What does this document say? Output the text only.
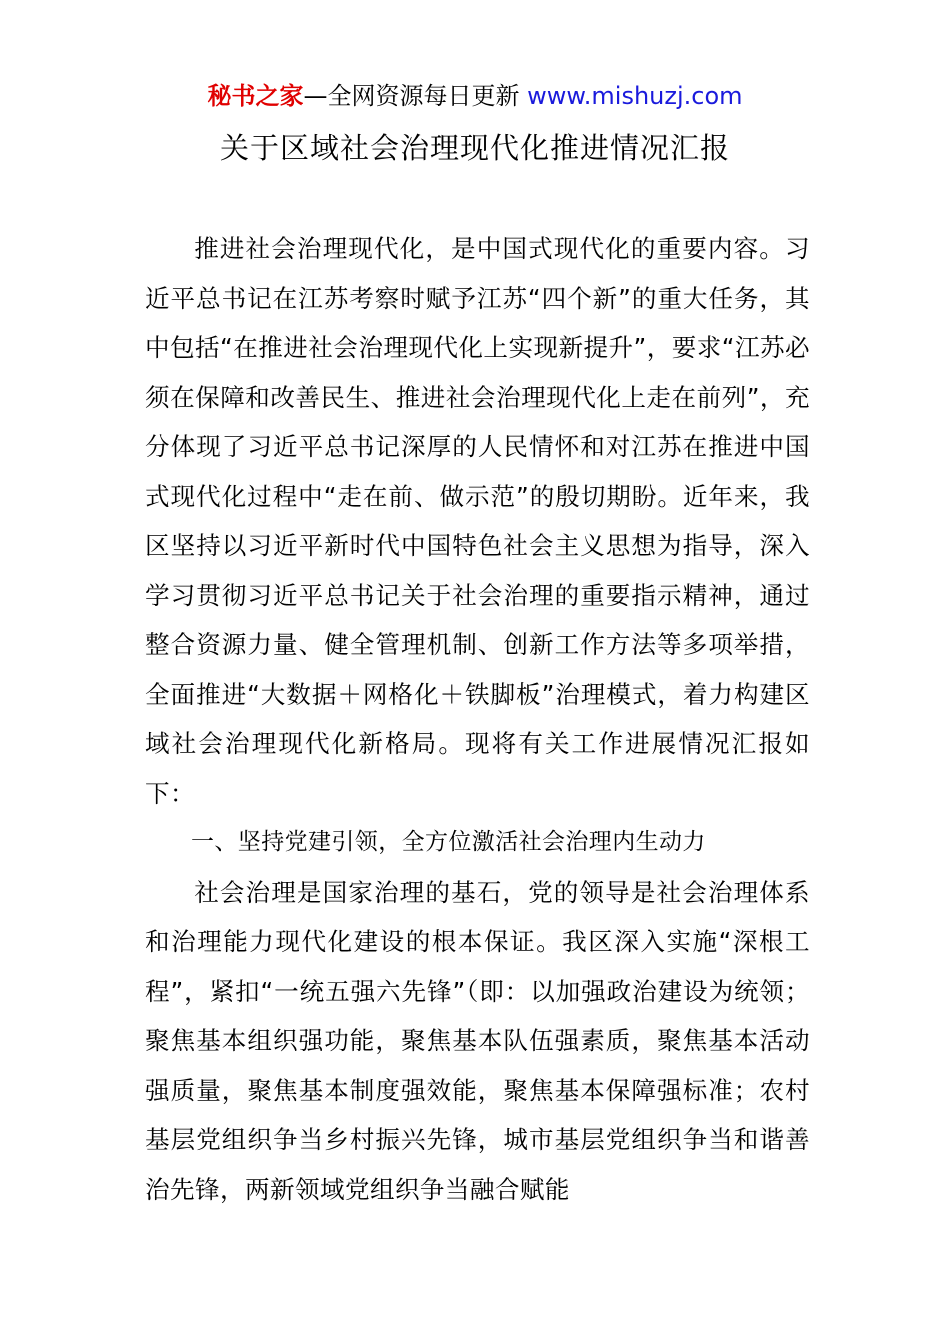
秘书之家—全网资源每日更新 www.mishuzj.com
关于区域社会治理现代化推进情况汇报

推进社会治理现代化，是中国式现代化的重要内容。习近平总书记在江苏考察时赋予江苏“四个新”的重大任务，其中包括“在推进社会治理现代化上实现新提升”，要求“江苏必须在保障和改善民生、推进社会治理现代化上走在前列”，充分体现了习近平总书记深厚的人民情怀和对江苏在推进中国式现代化过程中“走在前、做示范”的殷切期盼。近年来，我区坚持以习近平新时代中国特色社会主义思想为指导，深入学习贯彻习近平总书记关于社会治理的重要指示精神，通过整合资源力量、健全管理机制、创新工作方法等多项举措，全面推进“大数据＋网格化＋铁脚板”治理模式，着力构建区域社会治理现代化新格局。现将有关工作进展情况汇报如下：

一、坚持党建引领，全方位激活社会治理内生动力

社会治理是国家治理的基石，党的领导是社会治理体系和治理能力现代化建设的根本保证。我区深入实施“深根工程”，紧扣“一统五强六先锋”（即：以加强政治建设为统领；聚焦基本组织强功能，聚焦基本队伍强素质，聚焦基本活动强质量，聚焦基本制度强效能，聚焦基本保障强标准；农村基层党组织争当乡村振兴先锋，城市基层党组织争当和谐善治先锋，两新领域党组织争当融合赋能
